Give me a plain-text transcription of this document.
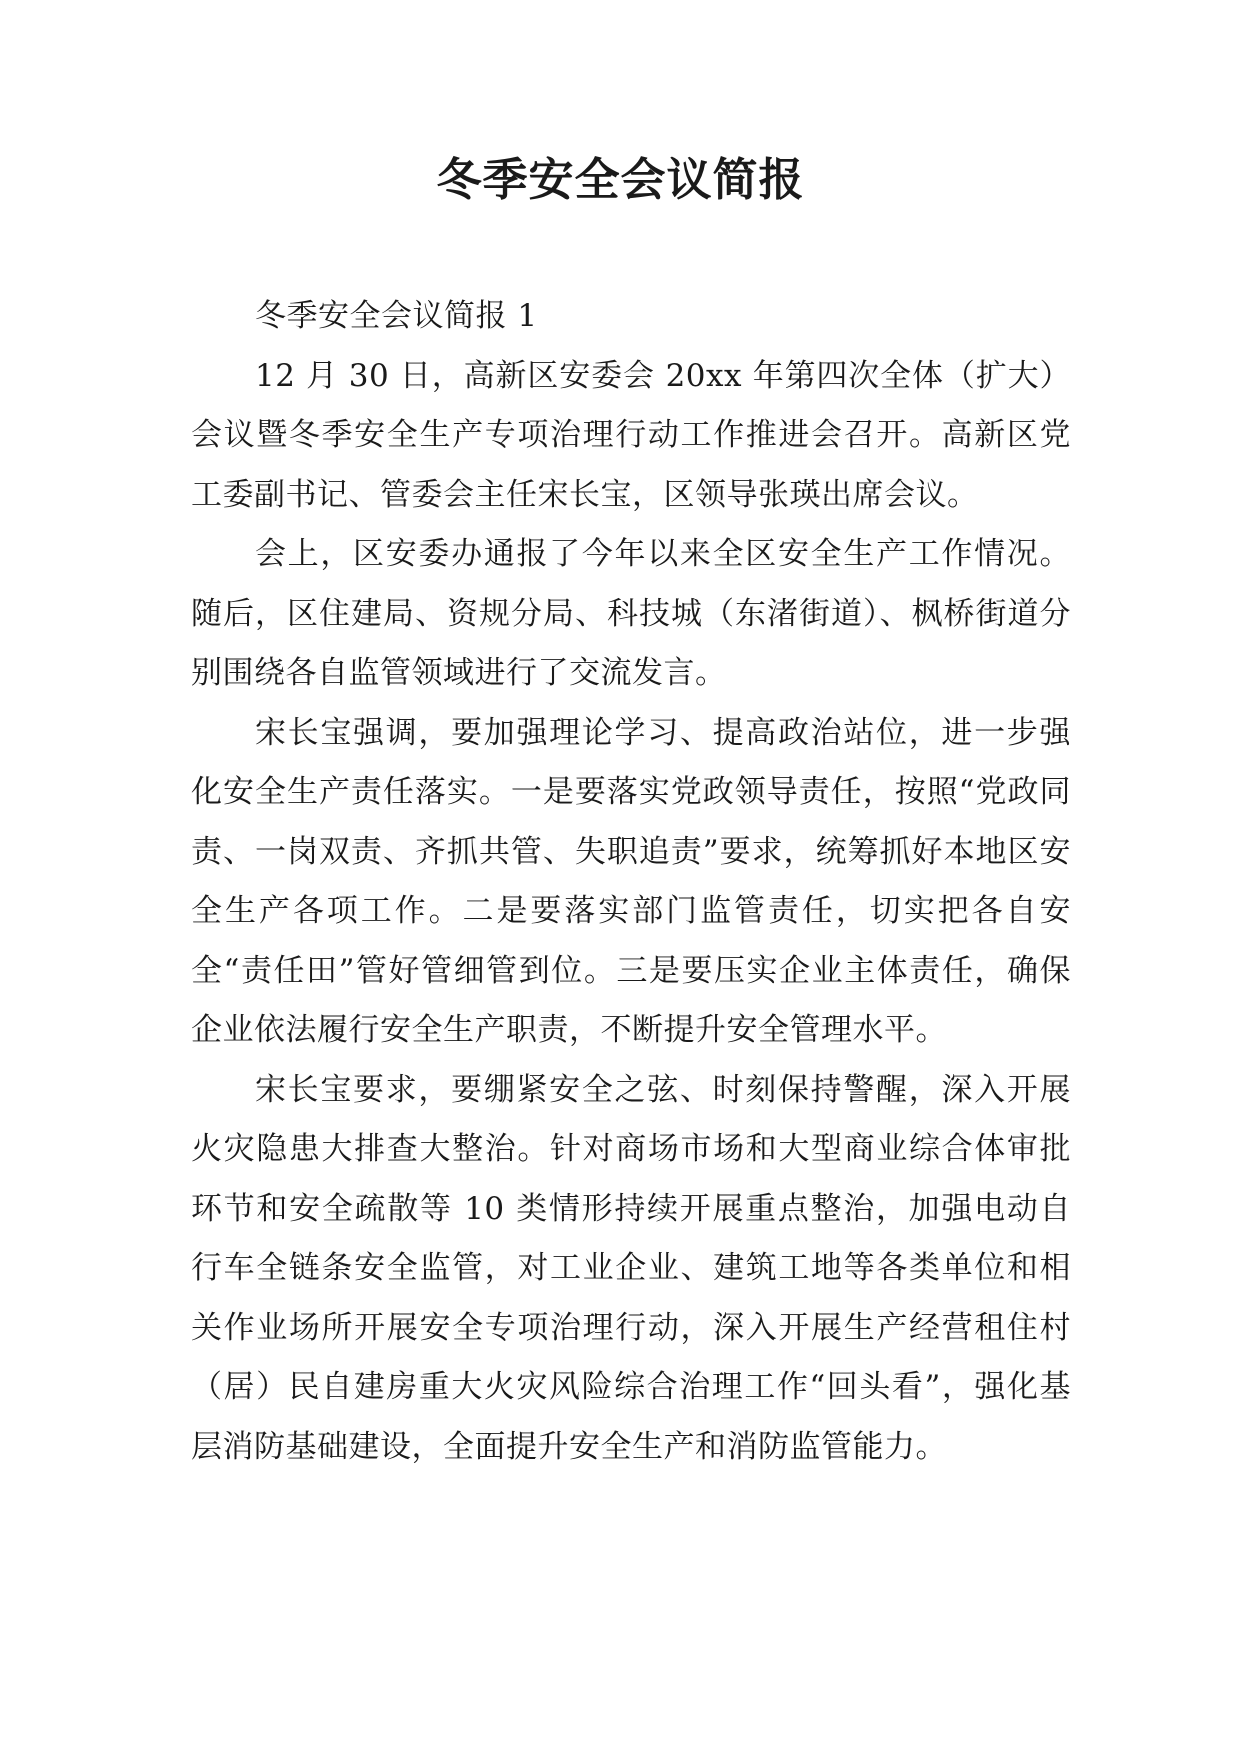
冬季安全会议简报

冬季安全会议简报 1

12 月 30 日，高新区安委会 20xx 年第四次全体（扩大）会议暨冬季安全生产专项治理行动工作推进会召开。高新区党工委副书记、管委会主任宋长宝，区领导张瑛出席会议。

会上，区安委办通报了今年以来全区安全生产工作情况。随后，区住建局、资规分局、科技城（东渚街道）、枫桥街道分别围绕各自监管领域进行了交流发言。

宋长宝强调，要加强理论学习、提高政治站位，进一步强化安全生产责任落实。一是要落实党政领导责任，按照“党政同责、一岗双责、齐抓共管、失职追责”要求，统筹抓好本地区安全生产各项工作。二是要落实部门监管责任，切实把各自安全“责任田”管好管细管到位。三是要压实企业主体责任，确保企业依法履行安全生产职责，不断提升安全管理水平。

宋长宝要求，要绷紧安全之弦、时刻保持警醒，深入开展火灾隐患大排查大整治。针对商场市场和大型商业综合体审批环节和安全疏散等 10 类情形持续开展重点整治，加强电动自行车全链条安全监管，对工业企业、建筑工地等各类单位和相关作业场所开展安全专项治理行动，深入开展生产经营租住村（居）民自建房重大火灾风险综合治理工作“回头看”，强化基层消防基础建设，全面提升安全生产和消防监管能力。
